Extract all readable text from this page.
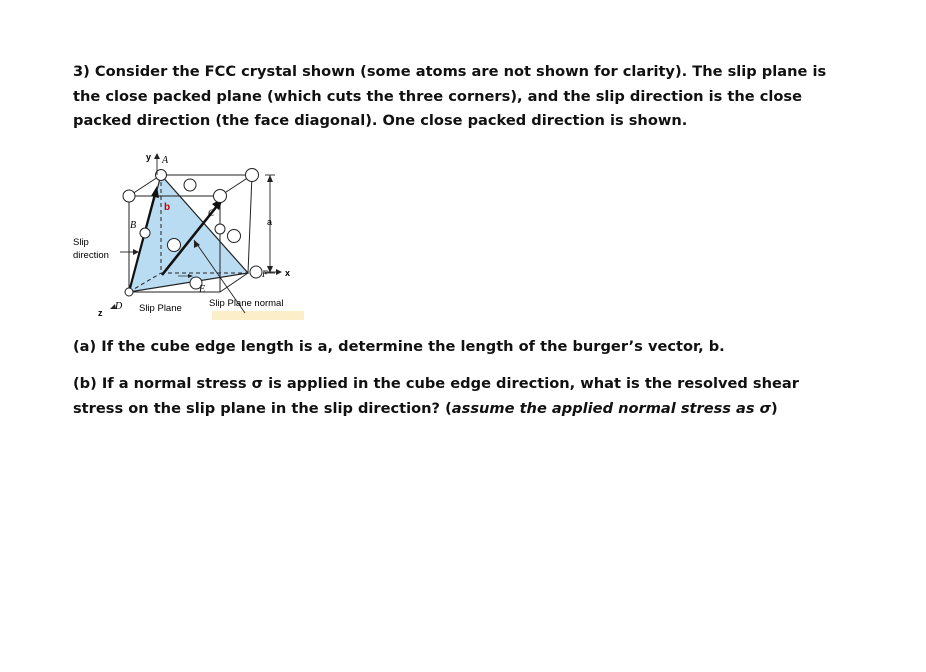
3) Consider the FCC crystal shown (some atoms are not shown for clarity). The slip plane is the close packed plane (which cuts the three corners), and the slip direction is the close packed direction (the face diagonal). One close packed direction is shown.
a
A
B
C
D
E
F
b
x
y
z
Slip
direction
Slip Plane	Slip Plane normal
(a) If the cube edge length is a, determine the length of the burger’s vector, b.
(b) If a normal stress σ is applied in the cube edge direction, what is the resolved shear stress on the slip plane in the slip direction? (assume the applied normal stress as σ)
